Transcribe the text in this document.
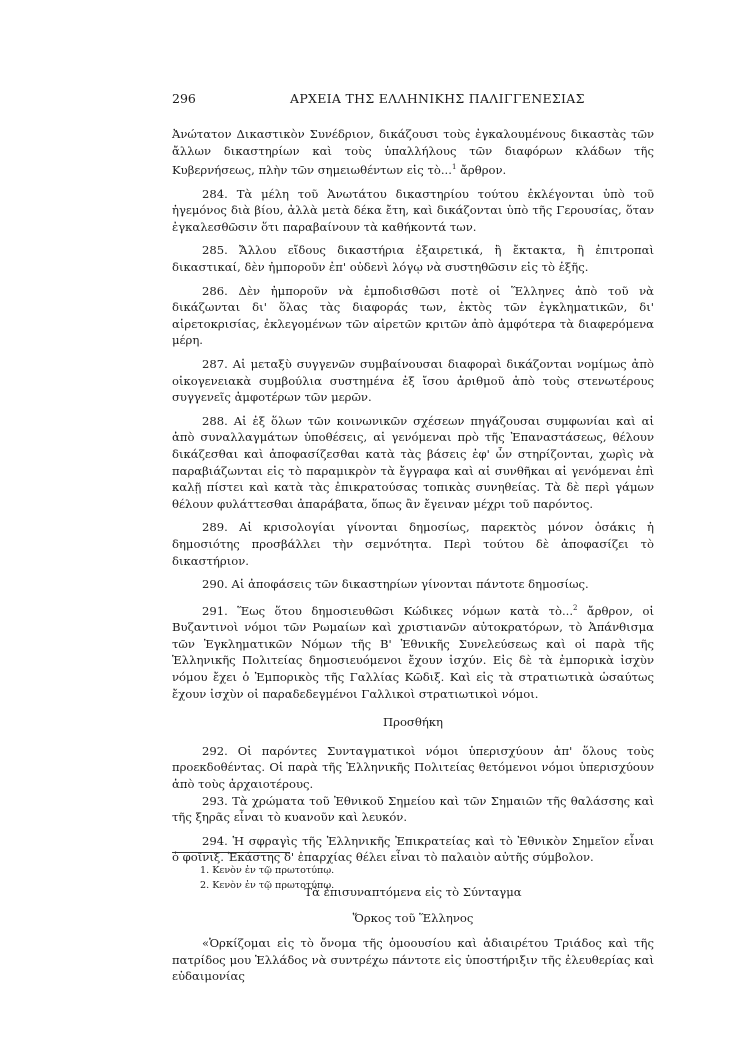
296	ΑΡΧΕΙΑ ΤΗΣ ΕΛΛΗΝΙΚΗΣ ΠΑΛΙΓΓΕΝΕΣΙΑΣ

Ἀνώτατον Δικαστικὸν Συνέδριον, δικάζουσι τοὺς ἐγκαλουμένους δικαστὰς τῶν ἄλλων δικαστηρίων καὶ τοὺς ὑπαλλήλους τῶν διαφόρων κλάδων τῆς Κυβερνήσεως, πλὴν τῶν σημειωθέντων εἰς τὸ...$^1$ ἄρθρον.

284. Τὰ μέλη τοῦ Ἀνωτάτου δικαστηρίου τούτου ἐκλέγονται ὑπὸ τοῦ ἡγεμόνος διὰ βίου, ἀλλὰ μετὰ δέκα ἔτη, καὶ δικάζονται ὑπὸ τῆς Γερουσίας, ὅταν ἐγκαλεσθῶσιν ὅτι παραβαίνουν τὰ καθήκοντά των.

285. Ἄλλου εἴδους δικαστήρια ἐξαιρετικά, ἢ ἔκτακτα, ἢ ἐπιτροπαὶ δικαστικαί, δὲν ἠμποροῦν ἐπ' οὐδενὶ λόγῳ νὰ συστηθῶσιν εἰς τὸ ἑξῆς.

286. Δὲν ἠμποροῦν νὰ ἐμποδισθῶσι ποτὲ οἱ Ἕλληνες ἀπὸ τοῦ νὰ δικάζωνται δι' ὅλας τὰς διαφοράς των, ἐκτὸς τῶν ἐγκληματικῶν, δι' αἱρετοκρισίας, ἐκλεγομένων τῶν αἱρετῶν κριτῶν ἀπὸ ἀμφότερα τὰ διαφερόμενα μέρη.

287. Αἱ μεταξὺ συγγενῶν συμβαίνουσαι διαφοραὶ δικάζονται νομίμως ἀπὸ οἰκογενειακὰ συμβούλια συστημένα ἐξ ἴσου ἀριθμοῦ ἀπὸ τοὺς στενωτέρους συγγενεῖς ἀμφοτέρων τῶν μερῶν.

288. Αἱ ἐξ ὅλων τῶν κοινωνικῶν σχέσεων πηγάζουσαι συμφωνίαι καὶ αἱ ἀπὸ συναλλαγμάτων ὑποθέσεις, αἱ γενόμεναι πρὸ τῆς Ἐπαναστάσεως, θέλουν δικάζεσθαι καὶ ἀποφασίζεσθαι κατὰ τὰς βάσεις ἐφ' ὧν στηρίζονται, χωρὶς νὰ παραβιάζωνται εἰς τὸ παραμικρὸν τὰ ἔγγραφα καὶ αἱ συνθῆκαι αἱ γενόμεναι ἐπὶ καλῇ πίστει καὶ κατὰ τὰς ἐπικρατούσας τοπικὰς συνηθείας. Τὰ δὲ περὶ γάμων θέλουν φυλάττεσθαι ἀπαράβατα, ὅπως ἂν ἔγειναν μέχρι τοῦ παρόντος.

289. Αἱ κρισολογίαι γίνονται δημοσίως, παρεκτὸς μόνον ὁσάκις ἡ δημοσιότης προσβάλλει τὴν σεμνότητα. Περὶ τούτου δὲ ἀποφασίζει τὸ δικαστήριον.

290. Αἱ ἀποφάσεις τῶν δικαστηρίων γίνονται πάντοτε δημοσίως.

291. Ἕως ὅτου δημοσιευθῶσι Κώδικες νόμων κατὰ τὸ...$^2$ ἄρθρον, οἱ Βυζαντινοὶ νόμοι τῶν Ρωμαίων καὶ χριστιανῶν αὐτοκρατόρων, τὸ Ἀπάνθισμα τῶν Ἐγκληματικῶν Νόμων τῆς Β' Ἐθνικῆς Συνελεύσεως καὶ οἱ παρὰ τῆς Ἑλληνικῆς Πολιτείας δημοσιευόμενοι ἔχουν ἰσχύν. Εἰς δὲ τὰ ἐμπορικὰ ἰσχὺν νόμου ἔχει ὁ Ἐμπορικὸς τῆς Γαλλίας Κῶδιξ. Καὶ εἰς τὰ στρατιωτικὰ ὡσαύτως ἔχουν ἰσχὺν οἱ παραδεδεγμένοι Γαλλικοὶ στρατιωτικοὶ νόμοι.

Προσθήκη

292. Οἱ παρόντες Συνταγματικοὶ νόμοι ὑπερισχύουν ἀπ' ὅλους τοὺς προεκδοθέντας. Οἱ παρὰ τῆς Ἑλληνικῆς Πολιτείας θετόμενοι νόμοι ὑπερισχύουν ἀπὸ τοὺς ἀρχαιοτέρους.

293. Τὰ χρώματα τοῦ Ἐθνικοῦ Σημείου καὶ τῶν Σημαιῶν τῆς θαλάσσης καὶ τῆς ξηρᾶς εἶναι τὸ κυανοῦν καὶ λευκόν.

294. Ἡ σφραγὶς τῆς Ἑλληνικῆς Ἐπικρατείας καὶ τὸ Ἐθνικὸν Σημεῖον εἶναι ὁ φοῖνιξ. Ἑκάστης δ' ἐπαρχίας θέλει εἶναι τὸ παλαιὸν αὐτῆς σύμβολον.

Τὰ ἐπισυναπτόμενα εἰς τὸ Σύνταγμα
Ὅρκος τοῦ Ἕλληνος

«Ὁρκίζομαι εἰς τὸ ὄνομα τῆς ὁμοουσίου καὶ ἀδιαιρέτου Τριάδος καὶ τῆς πατρίδος μου Ἑλλάδος νὰ συντρέχω πάντοτε εἰς ὑποστήριξιν τῆς ἐλευθερίας καὶ εὐδαιμονίας

1. Κενὸν ἐν τῷ πρωτοτύπῳ.
2. Κενὸν ἐν τῷ πρωτοτύπῳ.
